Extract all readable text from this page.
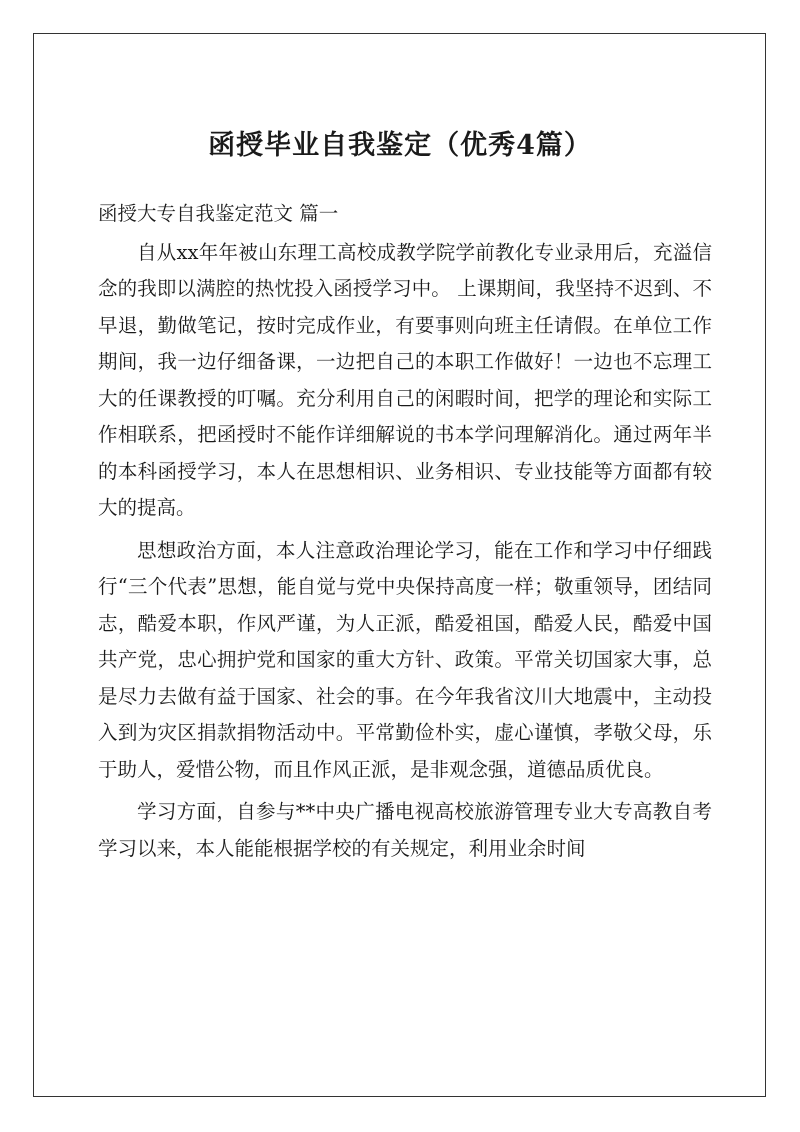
函授毕业自我鉴定（优秀4篇）
函授大专自我鉴定范文 篇一

自从xx年年被山东理工高校成教学院学前教化专业录用后，充溢信念的我即以满腔的热忱投入函授学习中。 上课期间，我坚持不迟到、不早退，勤做笔记，按时完成作业，有要事则向班主任请假。在单位工作期间，我一边仔细备课，一边把自己的本职工作做好！一边也不忘理工大的任课教授的叮嘱。充分利用自己的闲暇时间，把学的理论和实际工作相联系，把函授时不能作详细解说的书本学问理解消化。通过两年半的本科函授学习，本人在思想相识、业务相识、专业技能等方面都有较大的提高。

思想政治方面，本人注意政治理论学习，能在工作和学习中仔细践行“三个代表”思想，能自觉与党中央保持高度一样；敬重领导，团结同志，酷爱本职，作风严谨，为人正派，酷爱祖国，酷爱人民，酷爱中国共产党，忠心拥护党和国家的重大方针、政策。平常关切国家大事，总是尽力去做有益于国家、社会的事。在今年我省汶川大地震中，主动投入到为灾区捐款捐物活动中。平常勤俭朴实，虚心谨慎，孝敬父母，乐于助人，爱惜公物，而且作风正派，是非观念强，道德品质优良。

学习方面，自参与**中央广播电视高校旅游管理专业大专高教自考学习以来，本人能能根据学校的有关规定，利用业余时间
